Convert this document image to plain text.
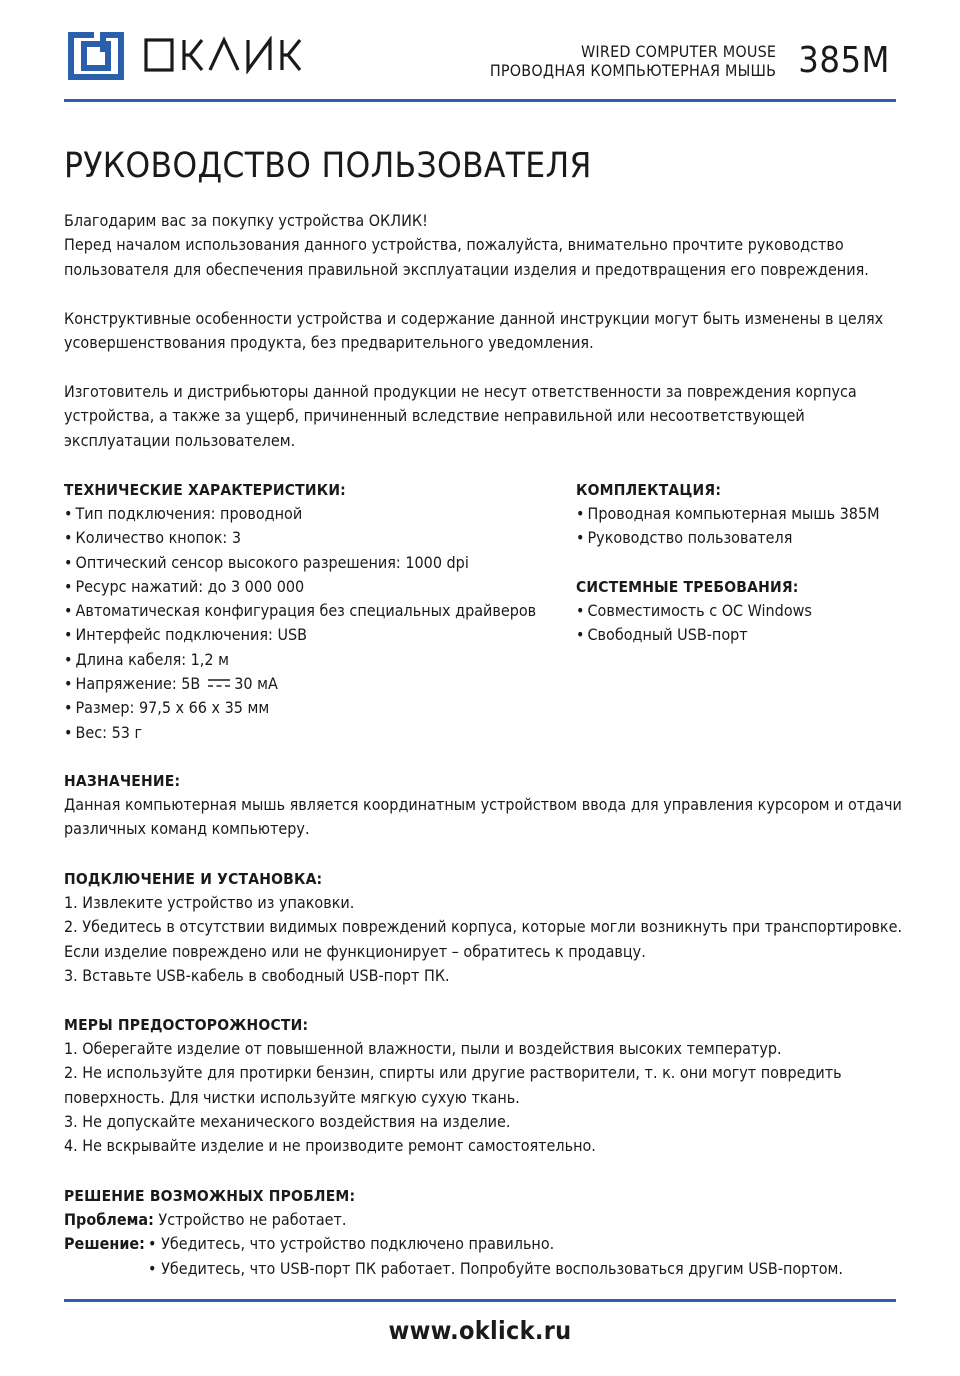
WIRED COMPUTER MOUSE
ПРОВОДНАЯ КОМПЬЮТЕРНАЯ МЫШЬ 385M
РУКОВОДСТВО ПОЛЬЗОВАТЕЛЯ

Благодарим вас за покупку устройства ОКЛИК!

Перед началом использования данного устройства, пожалуйста, внимательно прочтите руководство пользователя для обеспечения правильной эксплуатации изделия и предотвращения его повреждения.

Конструктивные особенности устройства и содержание данной инструкции могут быть изменены в целях усовершенствования продукта, без предварительного уведомления.

Изготовитель и дистрибьюторы данной продукции не несут ответственности за повреждения корпуса устройства, а также за ущерб, причиненный вследствие неправильной или несоответствующей эксплуатации пользователем.

ТЕХНИЧЕСКИЕ ХАРАКТЕРИСТИКИ:

• Тип подключения: проводной
• Количество кнопок: 3
• Оптический сенсор высокого разрешения: 1000 dpi
• Ресурс нажатий: до 3 000 000
• Автоматическая конфигурация без специальных драйверов
• Интерфейс подключения: USB
• Длина кабеля: 1,2 м
• Напряжение: 5В 30 мА
• Размер: 97,5 x 66 x 35 мм
• Вес: 53 г

КОМПЛЕКТАЦИЯ:

• Проводная компьютерная мышь 385M
• Руководство пользователя

СИСТЕМНЫЕ ТРЕБОВАНИЯ:

• Совместимость с ОС Windows
• Свободный USB-порт

НАЗНАЧЕНИЕ:

Данная компьютерная мышь является координатным устройством ввода для управления курсором и отдачи различных команд компьютеру.

ПОДКЛЮЧЕНИЕ И УСТАНОВКА:

1. Извлеките устройство из упаковки.
2. Убедитесь в отсутствии видимых повреждений корпуса, которые могли возникнуть при транспортировке. Если изделие повреждено или не функционирует – обратитесь к продавцу.
3. Вставьте USB-кабель в свободный USB-порт ПК.

МЕРЫ ПРЕДОСТОРОЖНОСТИ:

1. Оберегайте изделие от повышенной влажности, пыли и воздействия высоких температур.
2. Не используйте для протирки бензин, спирты или другие растворители, т. к. они могут повредить поверхность. Для чистки используйте мягкую сухую ткань.
3. Не допускайте механического воздействия на изделие.
4. Не вскрывайте изделие и не производите ремонт самостоятельно.

РЕШЕНИЕ ВОЗМОЖНЫХ ПРОБЛЕМ:

Проблема: Устройство не работает.

Решение:
•	Убедитесь, что устройство подключено правильно.
• Убедитесь, что USB-порт ПК работает. Попробуйте воспользоваться другим USB-портом.
www.oklick.ru
